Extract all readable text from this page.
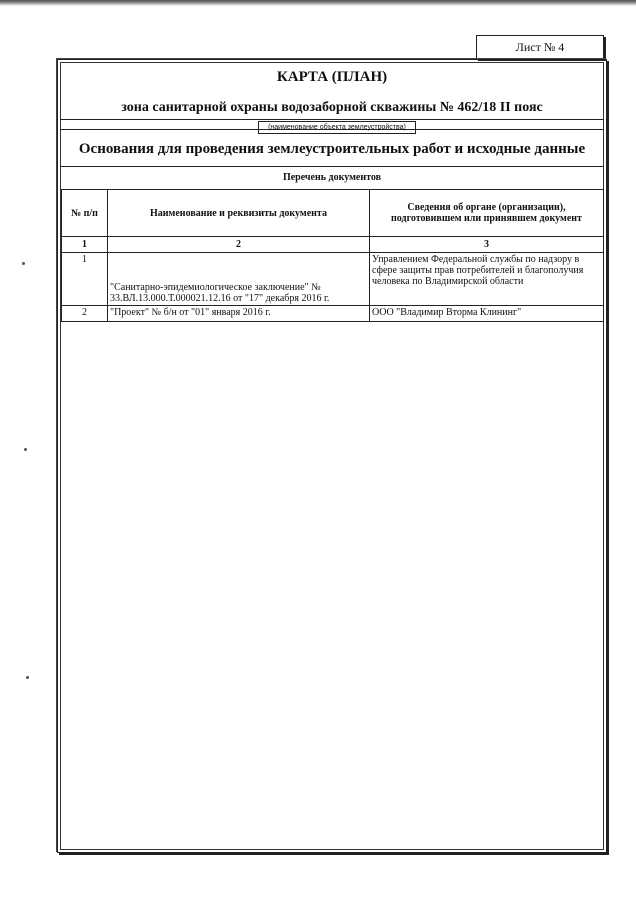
Лист № 4
КАРТА (ПЛАН)
зона санитарной охраны водозаборной скважины № 462/18 II пояс
(наименование объекта землеустройства)
Основания для проведения землеустроительных работ и исходные данные
Перечень документов
№ п/п	Наименование и реквизиты документа	Сведения об органе (организации), подготовившем или принявшем документ
1	2	3
1	"Санитарно-эпидемиологическое заключение" № 33.ВЛ.13.000.Т.000021.12.16 от "17" декабря 2016 г.	Управлением Федеральной службы по надзору в сфере защиты прав потребителей и благополучия человека по Владимирской области
2	"Проект" № б/н от "01" января 2016 г.	ООО "Владимир Вторма Клининг"
